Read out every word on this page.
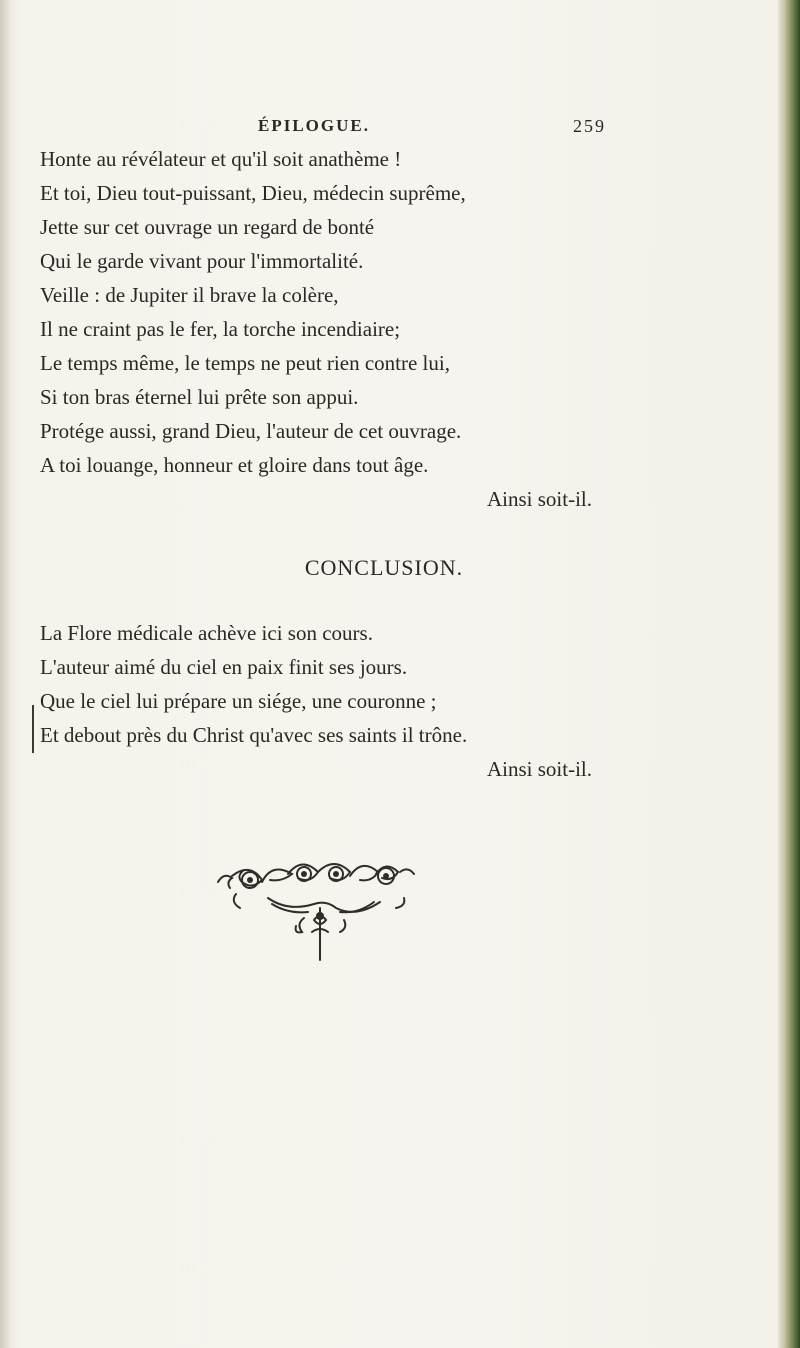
ÉPILOGUE.	259
Honte au révélateur et qu'il soit anathème !
Et toi, Dieu tout-puissant, Dieu, médecin suprême,
Jette sur cet ouvrage un regard de bonté
Qui le garde vivant pour l'immortalité.
Veille : de Jupiter il brave la colère,
Il ne craint pas le fer, la torche incendiaire;
Le temps même, le temps ne peut rien contre lui,
Si ton bras éternel lui prête son appui.
Protége aussi, grand Dieu, l'auteur de cet ouvrage.
A toi louange, honneur et gloire dans tout âge.
Ainsi soit-il.
CONCLUSION.
La Flore médicale achève ici son cours.
L'auteur aimé du ciel en paix finit ses jours.
Que le ciel lui prépare un siége, une couronne ;
Et debout près du Christ qu'avec ses saints il trône.
Ainsi soit-il.
